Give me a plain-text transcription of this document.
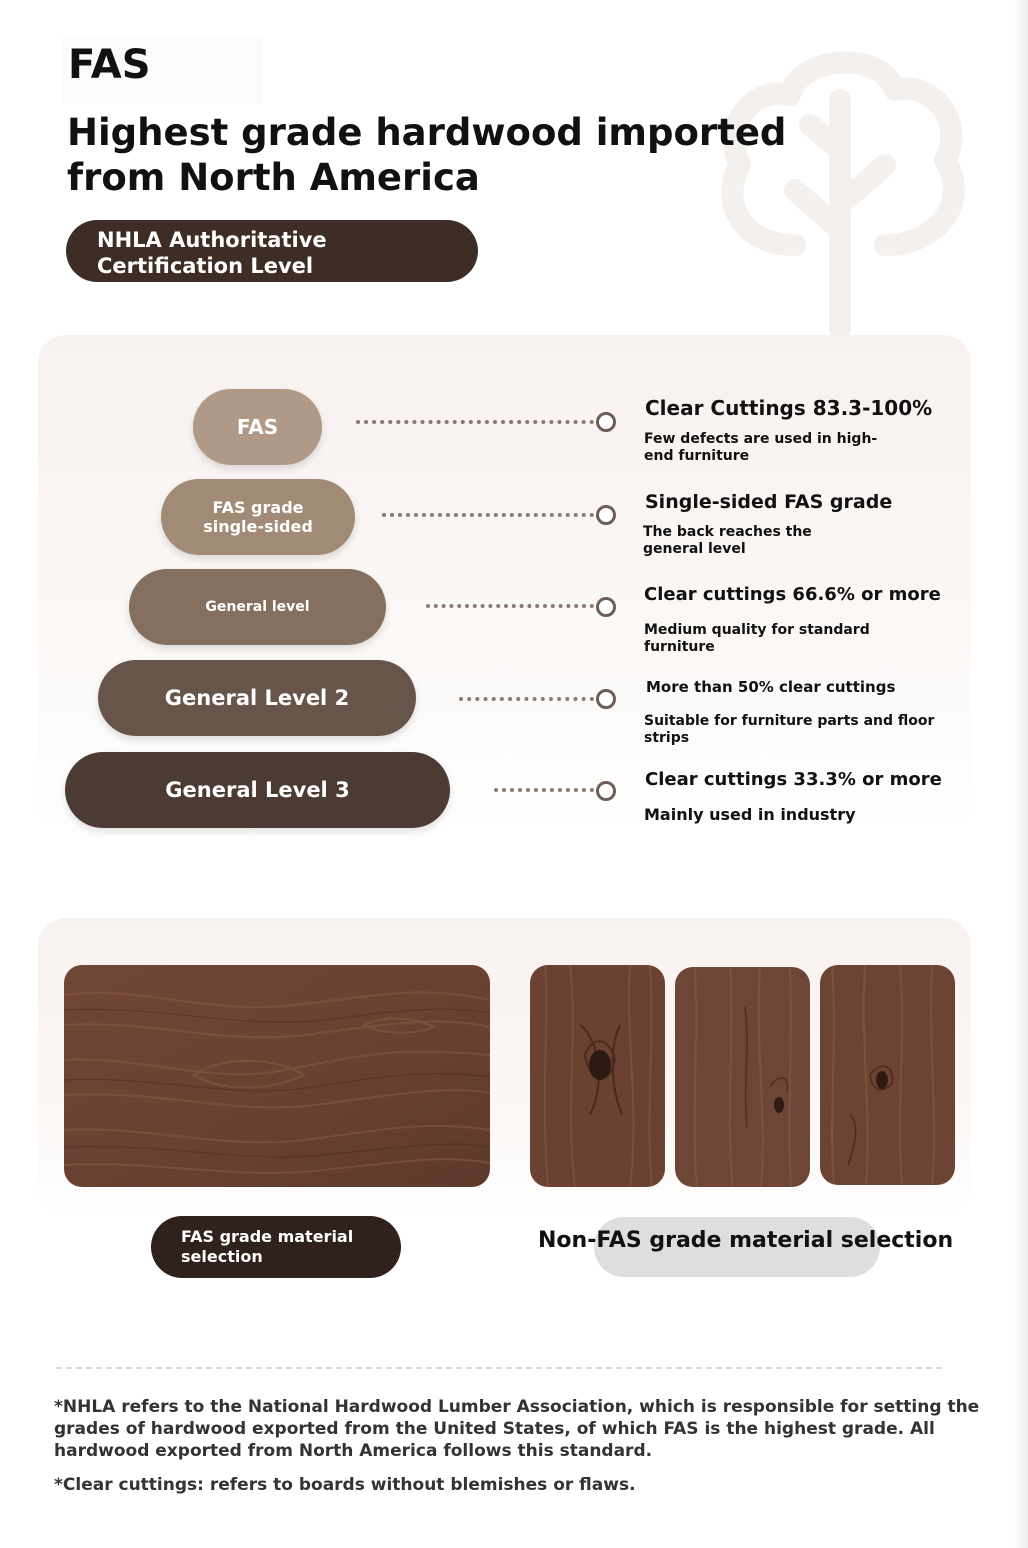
FAS
Highest grade hardwood imported from North America
NHLA Authoritative Certification Level
FAS
Clear Cuttings 83.3-100%
Few defects are used in high-end furniture
FAS grade single-sided
Single-sided FAS grade
The back reaches the general level
General level
Clear cuttings 66.6% or more
Medium quality for standard furniture
General Level 2	More than 50% clear cuttings
Suitable for furniture parts and floor strips
General Level 3	Clear cuttings 33.3% or more
Mainly used in industry
FAS grade material selection
Non-FAS grade material selection

*NHLA refers to the National Hardwood Lumber Association, which is responsible for setting the grades of hardwood exported from the United States, of which FAS is the highest grade. All hardwood exported from North America follows this standard.

*Clear cuttings: refers to boards without blemishes or flaws.
